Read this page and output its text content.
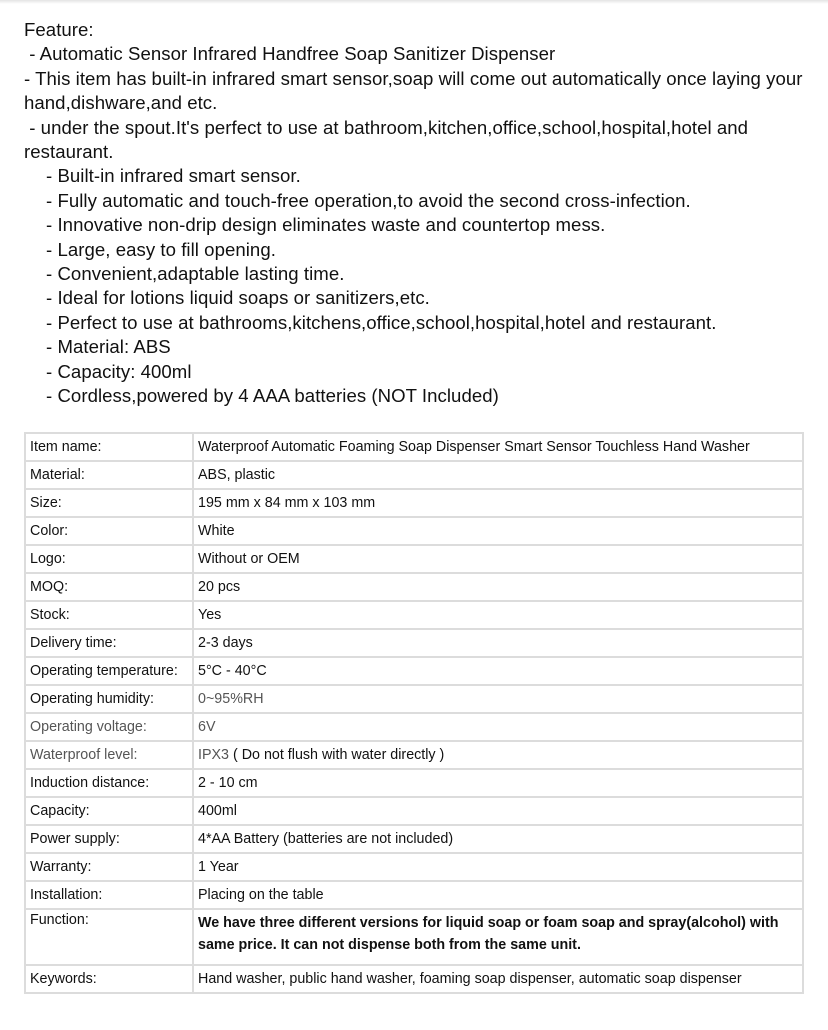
Feature:
- Automatic Sensor Infrared Handfree Soap Sanitizer Dispenser
- This item has built-in infrared smart sensor,soap will come out automatically once laying your hand,dishware,and etc.
- under the spout.It's perfect to use at bathroom,kitchen,office,school,hospital,hotel and restaurant.
- Built-in infrared smart sensor.
- Fully automatic and touch-free operation,to avoid the second cross-infection.
- Innovative non-drip design eliminates waste and countertop mess.
- Large, easy to fill opening.
- Convenient,adaptable lasting time.
- Ideal for lotions liquid soaps or sanitizers,etc.
- Perfect to use at bathrooms,kitchens,office,school,hospital,hotel and restaurant.
- Material: ABS
- Capacity: 400ml
- Cordless,powered by 4 AAA batteries (NOT Included)
Item name:	Waterproof Automatic Foaming Soap Dispenser Smart Sensor Touchless Hand Washer
Material:	ABS, plastic
Size:	195 mm x 84 mm x 103 mm
Color:	White
Logo:	Without or OEM
MOQ:	20 pcs
Stock:	Yes
Delivery time:	2-3 days
Operating temperature:	5°C - 40°C
Operating humidity:	0~95%RH
Operating voltage:	6V
Waterproof level:	IPX3 ( Do not flush with water directly )
Induction distance:	2 - 10 cm
Capacity:	400ml
Power supply:	4*AA Battery (batteries are not included)
Warranty:	1 Year
Installation:	Placing on the table
Function:	We have three different versions for liquid soap or foam soap and spray(alcohol) with same price. It can not dispense both from the same unit.
Keywords:	Hand washer, public hand washer, foaming soap dispenser, automatic soap dispenser
